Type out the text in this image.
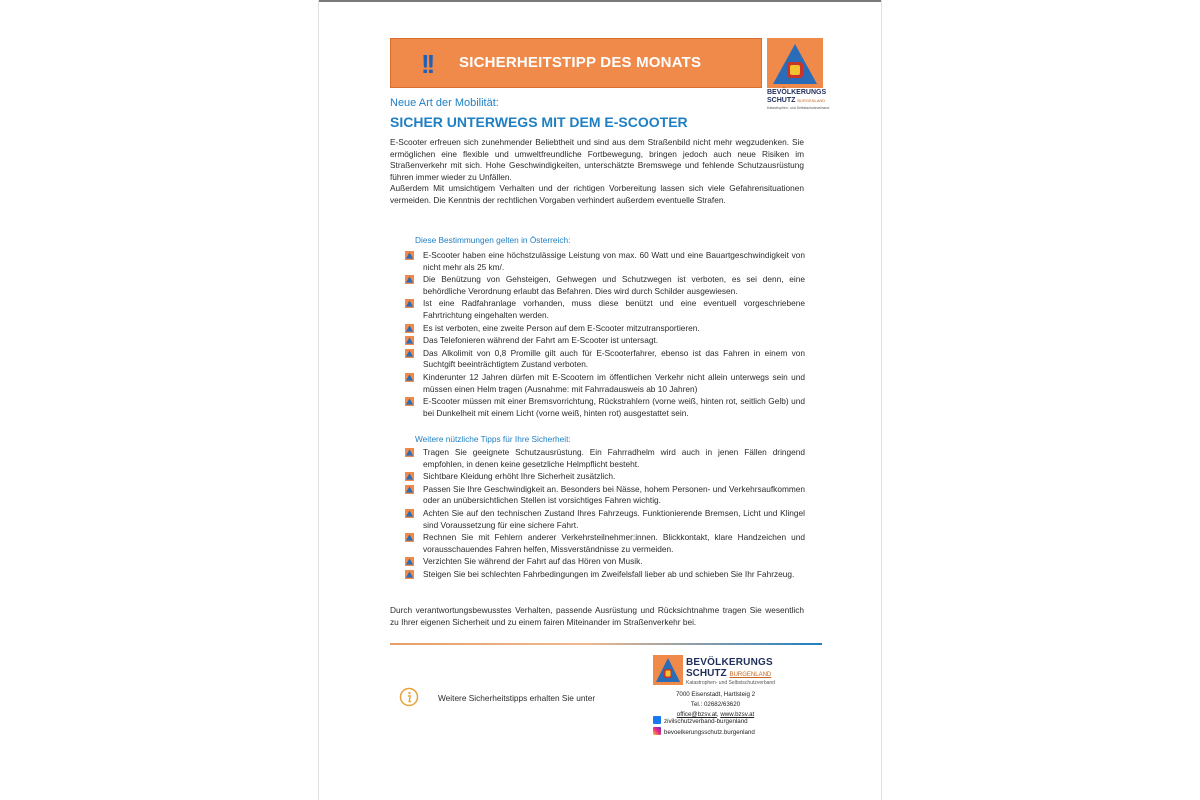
!! SICHERHEITSTIPP DES MONATS
BEVÖLKERUNGS
SCHUTZ BURGENLAND
Katastrophen- und Selbstschutzverband
Neue Art der Mobilität:
SICHER UNTERWEGS MIT DEM E-SCOOTER

E-Scooter erfreuen sich zunehmender Beliebtheit und sind aus dem Straßenbild nicht mehr wegzudenken. Sie ermöglichen eine flexible und umweltfreundliche Fortbewegung, bringen jedoch auch neue Risiken im Straßenverkehr mit sich. Hohe Geschwindigkeiten, unterschätzte Bremswege und fehlende Schutzausrüstung führen immer wieder zu Unfällen.

Außerdem Mit umsichtigem Verhalten und der richtigen Vorbereitung lassen sich viele Gefahrensituationen vermeiden. Die Kenntnis der rechtlichen Vorgaben verhindert außerdem eventuelle Strafen.

Diese Bestimmungen gelten in Österreich:
E-Scooter haben eine höchstzulässige Leistung von max. 60 Watt und eine Bauartgeschwindigkeit von nicht mehr als 25 km/.
Die Benützung von Gehsteigen, Gehwegen und Schutzwegen ist verboten, es sei denn, eine behördliche Verordnung erlaubt das Befahren. Dies wird durch Schilder ausgewiesen.
Ist eine Radfahranlage vorhanden, muss diese benützt und eine eventuell vorgeschriebene Fahrtrichtung eingehalten werden.
Es ist verboten, eine zweite Person auf dem E-Scooter mitzutransportieren.
Das Telefonieren während der Fahrt am E-Scooter ist untersagt.
Das Alkolimit von 0,8 Promille gilt auch für E-Scooterfahrer, ebenso ist das Fahren in einem von Suchtgift beeinträchtigtem Zustand verboten.
Kinderunter 12 Jahren dürfen mit E-Scootern im öffentlichen Verkehr nicht allein unterwegs sein und müssen einen Helm tragen (Ausnahme: mit Fahrradausweis ab 10 Jahren)
E-Scooter müssen mit einer Bremsvorrichtung, Rückstrahlern (vorne weiß, hinten rot, seitlich Gelb) und bei Dunkelheit mit einem Licht (vorne weiß, hinten rot) ausgestattet sein.
Weitere nützliche Tipps für Ihre Sicherheit:
Tragen Sie geeignete Schutzausrüstung. Ein Fahrradhelm wird auch in jenen Fällen dringend empfohlen, in denen keine gesetzliche Helmpflicht besteht.
Sichtbare Kleidung erhöht Ihre Sicherheit zusätzlich.
Passen Sie Ihre Geschwindigkeit an. Besonders bei Nässe, hohem Personen- und Verkehrsaufkommen oder an unübersichtlichen Stellen ist vorsichtiges Fahren wichtig.
Achten Sie auf den technischen Zustand Ihres Fahrzeugs. Funktionierende Bremsen, Licht und Klingel sind Voraussetzung für eine sichere Fahrt.
Rechnen Sie mit Fehlern anderer Verkehrsteilnehmer:innen. Blickkontakt, klare Handzeichen und vorausschauendes Fahren helfen, Missverständnisse zu vermeiden.
Verzichten Sie während der Fahrt auf das Hören von Musik.
Steigen Sie bei schlechten Fahrbedingungen im Zweifelsfall lieber ab und schieben Sie Ihr Fahrzeug.
Durch verantwortungsbewusstes Verhalten, passende Ausrüstung und Rücksichtnahme tragen Sie wesentlich zu Ihrer eigenen Sicherheit und zu einem fairen Miteinander im Straßenverkehr bei.
Weitere Sicherheitstipps erhalten Sie unter
BEVÖLKERUNGS
SCHUTZ BURGENLAND
Katastrophen- und Selbstschutzverband
7000 Eisenstadt, Hartlsteig 2
Tel.: 02682/63620
office@bzsv.at, www.bzsv.at
zivilschutzverband-burgenland
bevoelkerungsschutz.burgenland
